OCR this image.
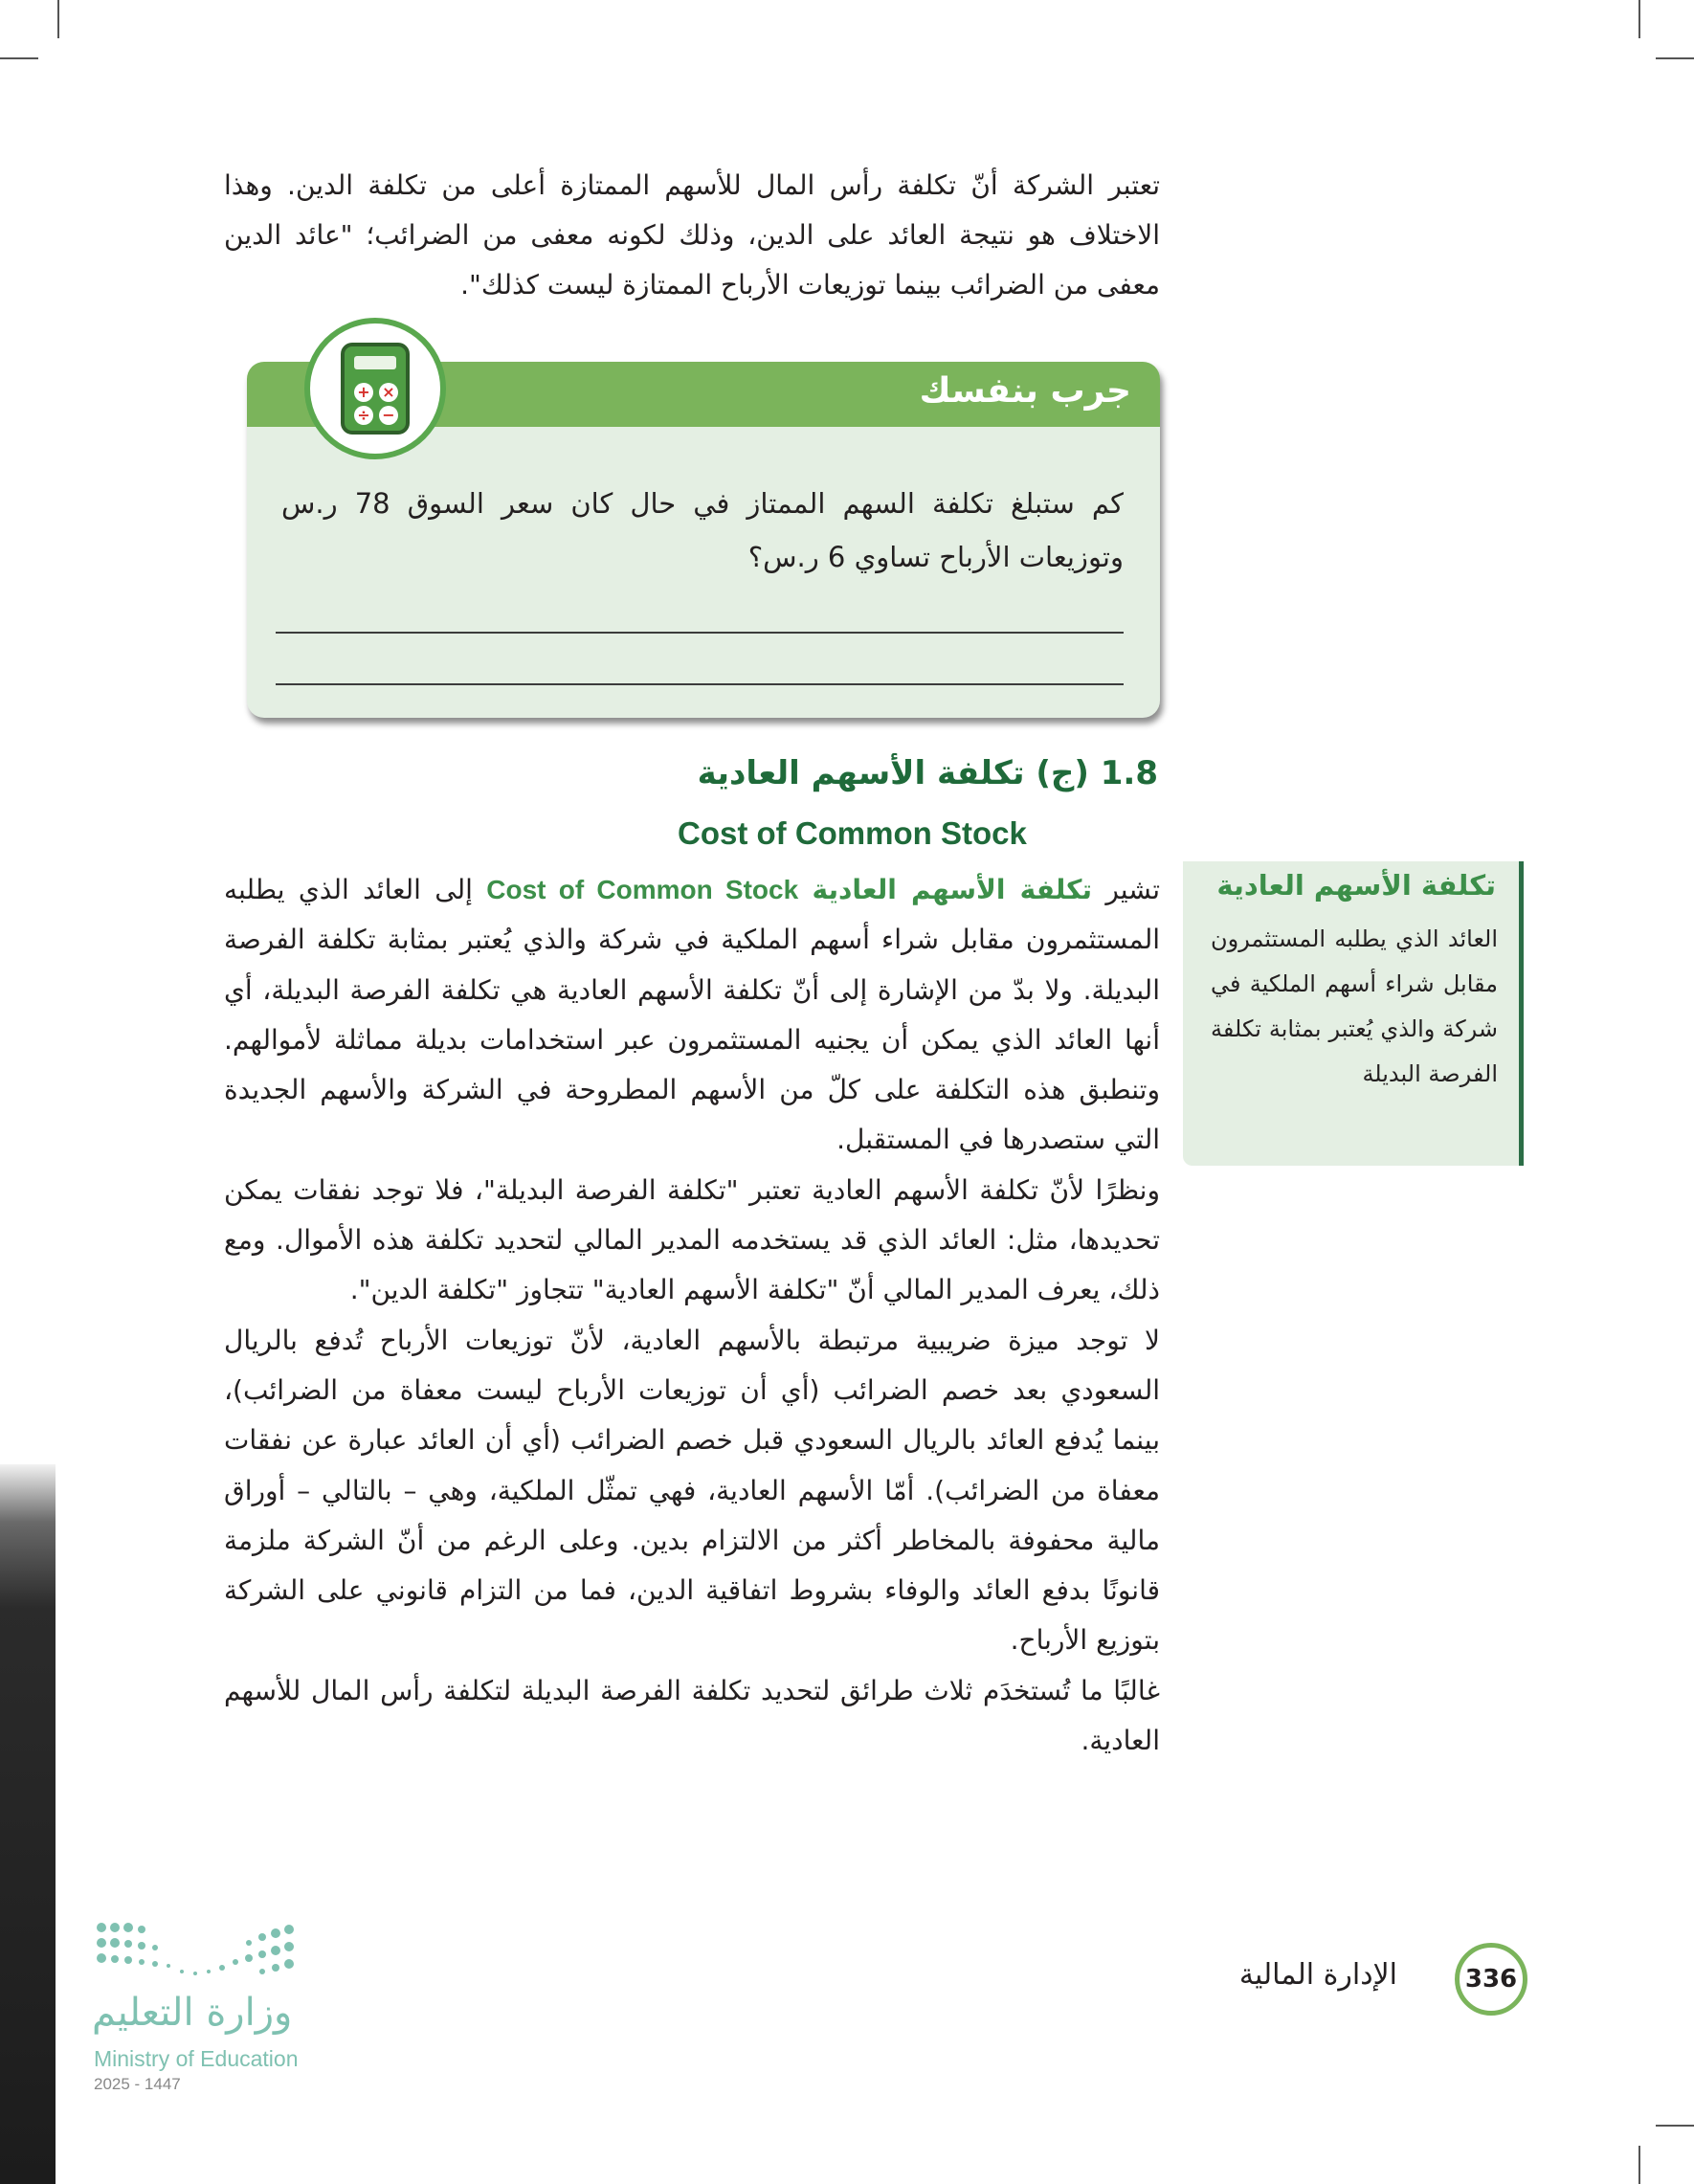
تعتبر الشركة أنّ تكلفة رأس المال للأسهم الممتازة أعلى من تكلفة الدين. وهذا الاختلاف هو نتيجة العائد على الدين، وذلك لكونه معفى من الضرائب؛ "عائد الدين معفى من الضرائب بينما توزيعات الأرباح الممتازة ليست كذلك".
جرب بنفسك
كم ستبلغ تكلفة السهم الممتاز في حال كان سعر السوق 78 ر.س وتوزيعات الأرباح تساوي 6 ر.س؟
+ ×
÷ −
1.8 (ج) تكلفة الأسهم العادية
Cost of Common Stock

تشير تكلفة الأسهم العادية Cost of Common Stock إلى العائد الذي يطلبه المستثمرون مقابل شراء أسهم الملكية في شركة والذي يُعتبر بمثابة تكلفة الفرصة البديلة. ولا بدّ من الإشارة إلى أنّ تكلفة الأسهم العادية هي تكلفة الفرصة البديلة، أي أنها العائد الذي يمكن أن يجنيه المستثمرون عبر استخدامات بديلة مماثلة لأموالهم. وتنطبق هذه التكلفة على كلّ من الأسهم المطروحة في الشركة والأسهم الجديدة التي ستصدرها في المستقبل.

ونظرًا لأنّ تكلفة الأسهم العادية تعتبر "تكلفة الفرصة البديلة"، فلا توجد نفقات يمكن تحديدها، مثل: العائد الذي قد يستخدمه المدير المالي لتحديد تكلفة هذه الأموال. ومع ذلك، يعرف المدير المالي أنّ "تكلفة الأسهم العادية" تتجاوز "تكلفة الدين".

لا توجد ميزة ضريبية مرتبطة بالأسهم العادية، لأنّ توزيعات الأرباح تُدفع بالريال السعودي بعد خصم الضرائب (أي أن توزيعات الأرباح ليست معفاة من الضرائب)، بينما يُدفع العائد بالريال السعودي قبل خصم الضرائب (أي أن العائد عبارة عن نفقات معفاة من الضرائب). أمّا الأسهم العادية، فهي تمثّل الملكية، وهي – بالتالي – أوراق مالية محفوفة بالمخاطر أكثر من الالتزام بدين. وعلى الرغم من أنّ الشركة ملزمة قانونًا بدفع العائد والوفاء بشروط اتفاقية الدين، فما من التزام قانوني على الشركة بتوزيع الأرباح.

غالبًا ما تُستخدَم ثلاث طرائق لتحديد تكلفة الفرصة البديلة لتكلفة رأس المال للأسهم العادية.

تكلفة الأسهم العادية
العائد الذي يطلبه المستثمرون مقابل شراء أسهم الملكية في شركة والذي يُعتبر بمثابة تكلفة الفرصة البديلة
336
الإدارة المالية
وزارة التعليم
Ministry of Education
2025 - 1447
